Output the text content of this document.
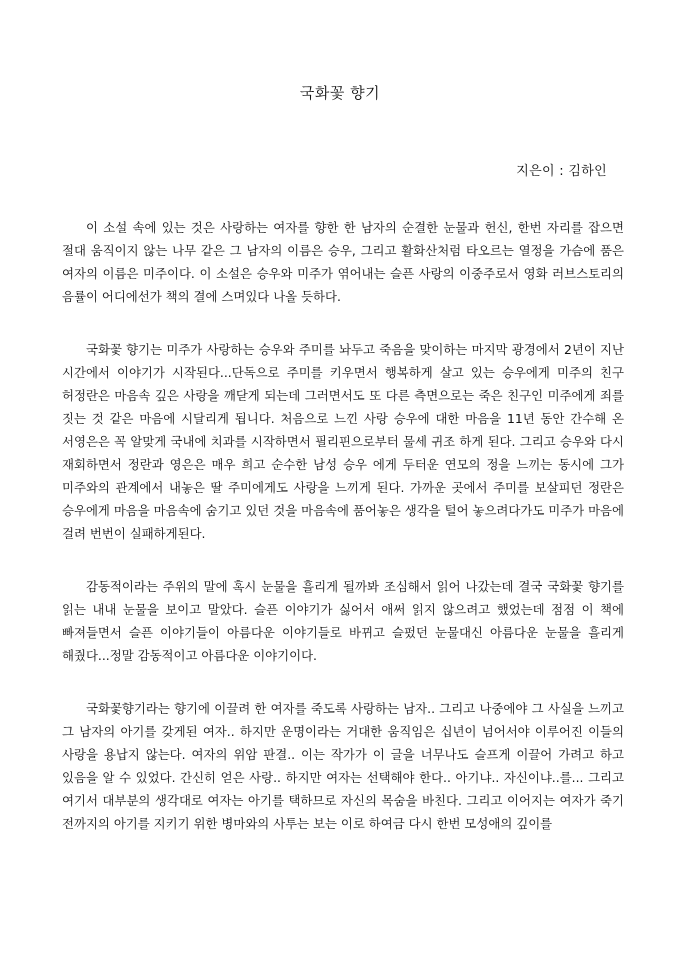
국화꽃 향기
지은이 : 김하인

이 소설 속에 있는 것은 사랑하는 여자를 향한 한 남자의 순결한 눈물과 헌신, 한번 자리를 잡으면 절대 움직이지 않는 나무 같은 그 남자의 이름은 승우, 그리고 활화산처럼 타오르는 열정을 가슴에 품은 여자의 이름은 미주이다. 이 소설은 승우와 미주가 엮어내는 슬픈 사랑의 이중주로서 영화 러브스토리의 음률이 어디에선가 책의 결에 스며있다 나올 듯하다.

국화꽃 향기는 미주가 사랑하는 승우와 주미를 놔두고 죽음을 맞이하는 마지막 광경에서 2년이 지난 시간에서 이야기가 시작된다...단독으로 주미를 키우면서 행복하게 살고 있는 승우에게 미주의 친구 허정란은 마음속 깊은 사랑을 깨닫게 되는데 그러면서도 또 다른 측면으로는 죽은 친구인 미주에게 죄를 짓는 것 같은 마음에 시달리게 됩니다. 처음으로 느낀 사랑 승우에 대한 마음을 11년 동안 간수해 온 서영은은 꼭 알맞게 국내에 치과를 시작하면서 필리핀으로부터 물세 귀조 하게 된다. 그리고 승우와 다시 재회하면서 정란과 영은은 매우 희고 순수한 남성 승우 에게 두터운 연모의 정을 느끼는 동시에 그가 미주와의 관계에서 내놓은 딸 주미에게도 사랑을 느끼게 된다. 가까운 곳에서 주미를 보살피던 정란은 승우에게 마음을 마음속에 숨기고 있던 것을 마음속에 품어놓은 생각을 털어 놓으려다가도 미주가 마음에 걸려 번번이 실패하게된다.

감동적이라는 주위의 말에 혹시 눈물을 흘리게 될까봐 조심해서 읽어 나갔는데 결국 국화꽃 향기를 읽는 내내 눈물을 보이고 말았다. 슬픈 이야기가 싫어서 애써 읽지 않으려고 했었는데 점점 이 책에 빠져들면서 슬픈 이야기들이 아름다운 이야기들로 바뀌고 슬펐던 눈물대신 아름다운 눈물을 흘리게 해줬다...정말 감동적이고 아름다운 이야기이다.

국화꽃향기라는 향기에 이끌려 한 여자를 죽도록 사랑하는 남자.. 그리고 나중에야 그 사실을 느끼고 그 남자의 아기를 갖게된 여자.. 하지만 운명이라는 거대한 움직임은 십년이 넘어서야 이루어진 이들의 사랑을 용납지 않는다. 여자의 위암 판결.. 이는 작가가 이 글을 너무나도 슬프게 이끌어 가려고 하고 있음을 알 수 있었다. 간신히 얻은 사랑.. 하지만 여자는 선택해야 한다.. 아기냐.. 자신이냐..를... 그리고 여기서 대부분의 생각대로 여자는 아기를 택하므로 자신의 목숨을 바친다. 그리고 이어지는 여자가 죽기 전까지의 아기를 지키기 위한 병마와의 사투는 보는 이로 하여금 다시 한번 모성애의 깊이를
